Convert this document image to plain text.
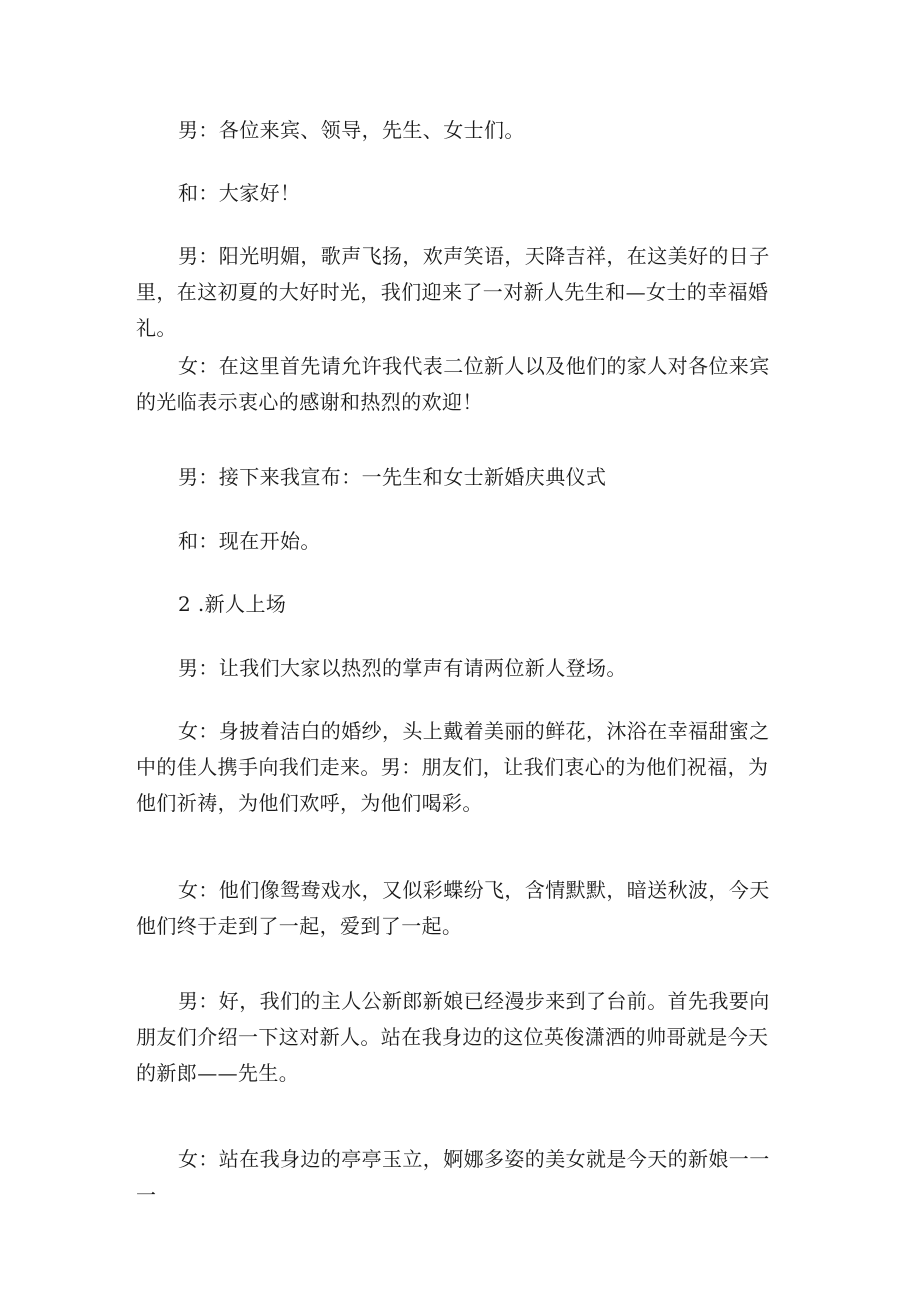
男：各位来宾、领导，先生、女士们。

和：大家好！

男：阳光明媚，歌声飞扬，欢声笑语，天降吉祥，在这美好的日子里，在这初夏的大好时光，我们迎来了一对新人先生和—女士的幸福婚礼。

女：在这里首先请允许我代表二位新人以及他们的家人对各位来宾的光临表示衷心的感谢和热烈的欢迎！

男：接下来我宣布：一先生和女士新婚庆典仪式

和：现在开始。

2 .新人上场

男：让我们大家以热烈的掌声有请两位新人登场。

女：身披着洁白的婚纱，头上戴着美丽的鲜花，沐浴在幸福甜蜜之中的佳人携手向我们走来。男：朋友们，让我们衷心的为他们祝福，为他们祈祷，为他们欢呼，为他们喝彩。

女：他们像鸳鸯戏水，又似彩蝶纷飞，含情默默，暗送秋波，今天他们终于走到了一起，爱到了一起。

男：好，我们的主人公新郎新娘已经漫步来到了台前。首先我要向朋友们介绍一下这对新人。站在我身边的这位英俊潇洒的帅哥就是今天的新郎——先生。

女：站在我身边的亭亭玉立，婀娜多姿的美女就是今天的新娘一一一
